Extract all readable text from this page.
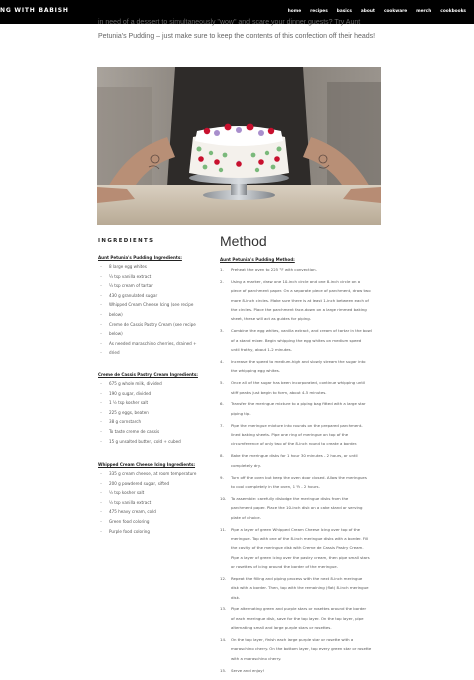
NG WITH BABISH	home recipes basics about cookware merch cookbooks

in need of a dessert to simultaneously "wow" and scare your dinner guests? Try Aunt

Petunia's Pudding – just make sure to keep the contents of this confection off their heads!

INGREDIENTS
Aunt Petunia's Pudding Ingredients:
– 8 large egg whites
– ¼ tsp vanilla extract
– ¼ tsp cream of tartar
– 430 g granulated sugar
– Whipped Cream Cheese Icing (see recipe
– below)
– Creme de Cassis Pastry Cream (see recipe
– below)
– As needed maraschino cherries, drained +
– dried
Creme de Cassis Pastry Cream Ingredients:
– 675 g whole milk, divided
– 190 g sugar, divided
– 1 ½ tsp kosher salt
– 225 g eggs, beaten
– 38 g cornstarch
– To taste creme de cassis
– 15 g unsalted butter, cold + cubed
Whipped Cream Cheese Icing Ingredients:
– 335 g cream cheese, at room temperature
– 200 g powdered sugar, sifted
– ½ tsp kosher salt
– ½ tsp vanilla extract
– 475 heavy cream, cold
– Green food coloring
– Purple food coloring
Method
Aunt Petunia's Pudding Method:
1. Preheat the oven to 225 °F with convection.
2. Using a marker, draw one 10-inch circle and one 8-inch circle on a
piece of parchment paper. On a separate piece of parchment, draw two
more 8-inch circles. Make sure there is at least 1-inch between each of
the circles. Place the parchment face-down on a large rimmed baking
sheet, these will act as guides for piping.
3. Combine the egg whites, vanilla extract, and cream of tartar in the bowl
of a stand mixer. Begin whipping the egg whites on medium speed
until frothy, about 1-2 minutes.
4. Increase the speed to medium-high and slowly stream the sugar into
the whipping egg whites.
5. Once all of the sugar has been incorporated, continue whipping until
stiff peaks just begin to form, about 4-5 minutes.
6. Transfer the meringue mixture to a piping bag fitted with a large star
piping tip.
7. Pipe the meringue mixture into rounds on the prepared parchment-
lined baking sheets. Pipe one ring of meringue on top of the
circumference of only two of the 8-inch round to create a border.
8. Bake the meringue disks for 1 hour 30 minutes - 2 hours, or until
completely dry.
9. Turn off the oven but keep the oven door closed. Allow the meringues
to cool completely in the oven, 1 ½ - 2 hours.
10. To assemble: carefully dislodge the meringue disks from the
parchment paper. Place the 10-inch disk on a cake stand or serving
plate of choice.
11. Pipe a layer of green Whipped Cream Cheese Icing over top of the
meringue. Top with one of the 8-inch meringue disks with a border. Fill
the cavity of the meringue disk with Creme de Cassis Pastry Cream.
Pipe a layer of green icing over the pastry cream, then pipe small stars
or rosettes of icing around the border of the meringue.
12. Repeat the filling and piping process with the next 8-inch meringue
disk with a border. Then, top with the remaining (flat) 8-inch meringue
disk.
13. Pipe alternating green and purple stars or rosettes around the border
of each meringue disk, save for the top layer. On the top layer, pipe
alternating small and large purple stars or rosettes.
14. On the top layer, finish each large purple star or rosette with a
maraschino cherry. On the bottom layer, top every green star or rosette
with a maraschino cherry.
15. Serve and enjoy!
